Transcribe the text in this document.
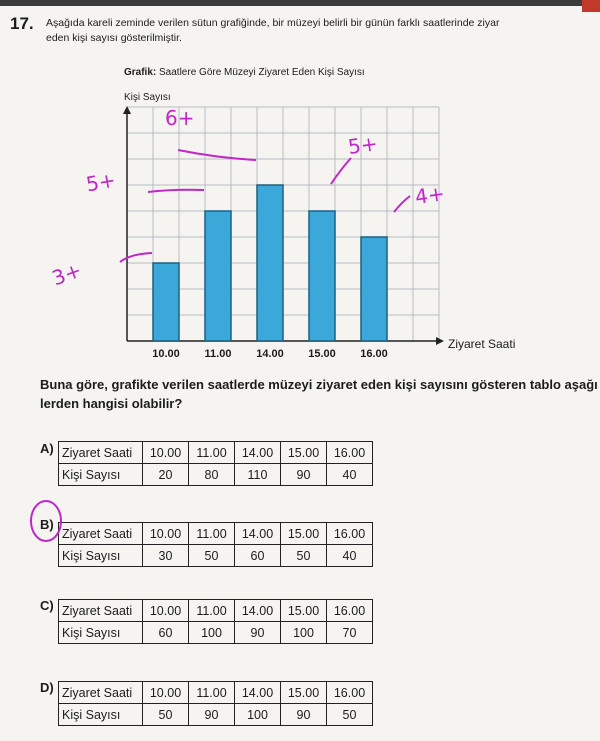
17. Aşağıda kareli zeminde verilen sütun grafiğinde, bir müzeyi belirli bir günün farklı saatlerinde ziyar
eden kişi sayısı gösterilmiştir.
Grafik: Saatlere Göre Müzeyi Ziyaret Eden Kişi Sayısı
Kişi Sayısı
Ziyaret Saati
10.00	11.00	14.00	15.00	16.00
Buna göre, grafikte verilen saatlerde müzeyi ziyaret eden kişi sayısını gösteren tablo aşağı
lerden hangisi olabilir?
A) Ziyaret Saati	10.00	11.00	14.00	15.00	16.00
Kişi Sayısı	20	80	110	90	40
B)
Ziyaret Saati	10.00	11.00	14.00	15.00	16.00
Kişi Sayısı	30	50	60	50	40
C) Ziyaret Saati	10.00	11.00	14.00	15.00	16.00
Kişi Sayısı	60	100	90	100	70
D) Ziyaret Saati	10.00	11.00	14.00	15.00	16.00
Kişi Sayısı	50	90	100	90	50
3+
5+
6+
5+
4+
